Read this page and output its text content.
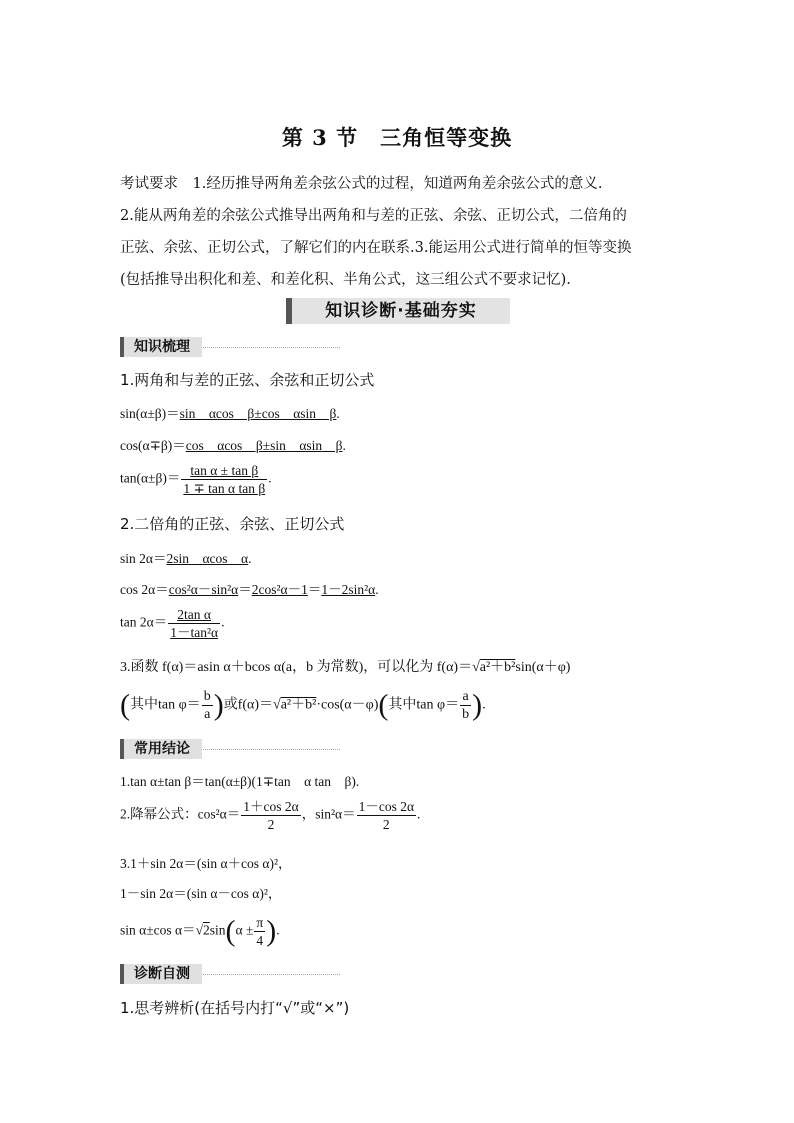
第 3 节　三角恒等变换
考试要求　1.经历推导两角差余弦公式的过程，知道两角差余弦公式的意义.
2.能从两角差的余弦公式推导出两角和与差的正弦、余弦、正切公式，二倍角的
正弦、余弦、正切公式，了解它们的内在联系.3.能运用公式进行简单的恒等变换
(包括推导出积化和差、和差化积、半角公式，这三组公式不要求记忆).
知识诊断·基础夯实
知识梳理
1.两角和与差的正弦、余弦和正切公式
sin(α±β)＝sin　αcos　β±cos　αsin　β.
cos(α∓β)＝cos　αcos　β±sin　αsin　β.
$\tan(\alpha\pm\beta)= \frac{\text{tan α ± tan β}}{\text{1 ∓ tan α tan β}}$ .
2.二倍角的正弦、余弦、正切公式
sin 2α＝2sin　αcos　α.
cos 2α＝cos²α－sin²α＝2cos²α－1＝1－2sin²α.
$\tan 2\alpha= \frac{\text{2tan α}}{\text{1－tan²α}}$ .
3.函数 f(α)＝asin α＋bcos α(a，b 为常数)，可以化为 f(α)＝√a²＋b²sin(α＋φ)
(其中$\tan \varphi= \frac{b}{a}$ )或f(α)＝√a²＋b²·cos(α－φ)(其中$\tan \varphi= \frac{a}{b}$ ).
常用结论
1.tan α±tan β＝tan(α±β)(1∓tan　α tan　β).
2.降幂公式：$\cos^2\alpha= \frac{1+\cos 2\alpha}{2}$ ，$\sin^2\alpha= \frac{1-\cos 2\alpha}{2}$ .
3.1＋sin 2α＝(sin α＋cos α)²，
1－sin 2α＝(sin α－cos α)²，
sin α±cos $\alpha=√2\sin(\alpha \pm \frac{\pi}{4}$ ).
诊断自测
1.思考辨析(在括号内打“√”或“×”)
